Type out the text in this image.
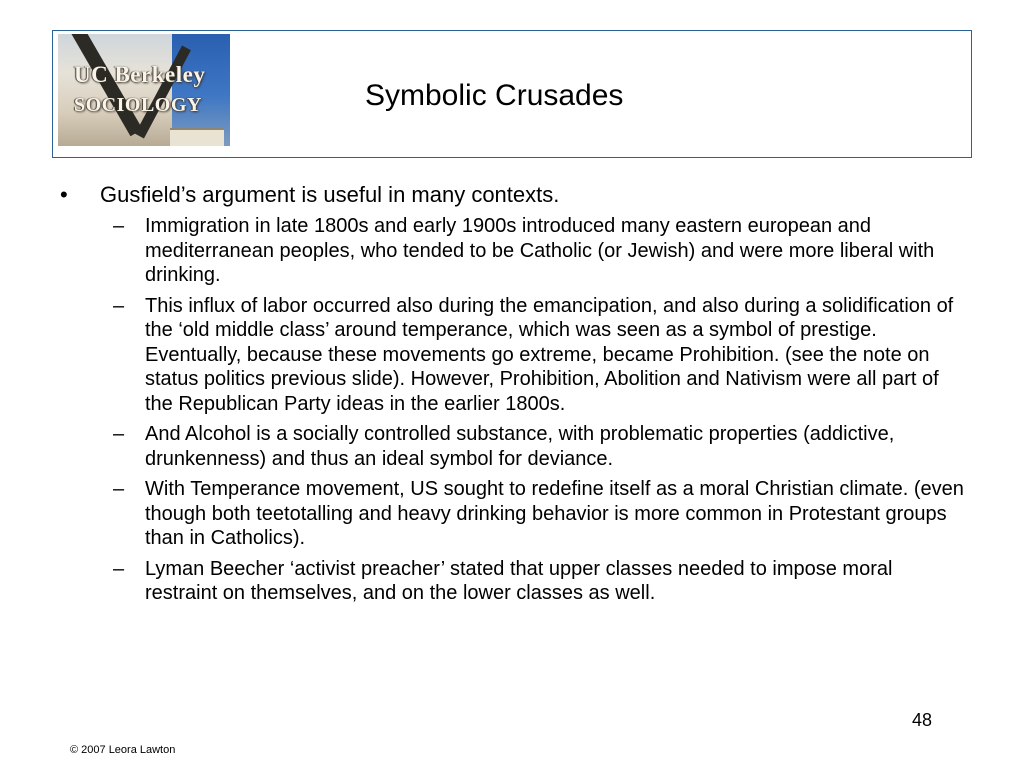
UC Berkeley
SOCIOLOGY	Symbolic Crusades
•	Gusfield’s argument is useful in many contexts.
–	Immigration in late 1800s and early 1900s introduced many eastern european and mediterranean peoples, who tended to be Catholic (or Jewish) and were more liberal with drinking.
–	This influx of labor occurred also during the emancipation, and also during a solidification of the ‘old middle class’ around temperance, which was seen as a symbol of prestige. Eventually, because these movements go extreme, became Prohibition. (see the note on status politics previous slide). However, Prohibition, Abolition and Nativism were all part of the Republican Party ideas in the earlier 1800s.
–	And Alcohol is a socially controlled substance, with problematic properties (addictive, drunkenness) and thus an ideal symbol for deviance.
–	With Temperance movement, US sought to redefine itself as a moral Christian climate. (even though both teetotalling and heavy drinking behavior is more common in Protestant groups than in Catholics).
–	Lyman Beecher ‘activist preacher’ stated that upper classes needed to impose moral restraint on themselves, and on the lower classes as well.
48
© 2007 Leora Lawton
